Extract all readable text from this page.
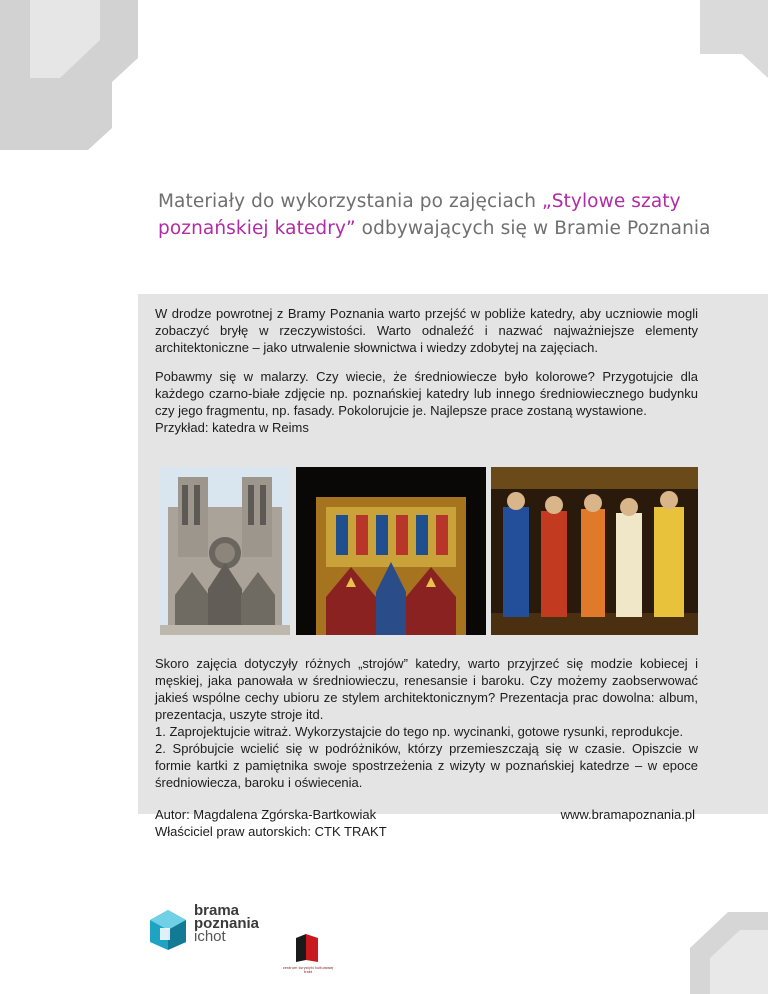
Materiały do wykorzystania po zajęciach „Stylowe szaty poznańskiej katedry” odbywających się w Bramie Poznania

W drodze powrotnej z Bramy Poznania warto przejść w pobliże katedry, aby uczniowie mogli zobaczyć bryłę w rzeczywistości. Warto odnaleźć i nazwać najważniejsze elementy architektoniczne – jako utrwalenie słownictwa i wiedzy zdobytej na zajęciach.

Pobawmy się w malarzy. Czy wiecie, że średniowiecze było kolorowe? Przygotujcie dla każdego czarno-białe zdjęcie np. poznańskiej katedry lub innego średniowiecznego budynku czy jego fragmentu, np. fasady. Pokolorujcie je. Najlepsze prace zostaną wystawione.
Przykład: katedra w Reims

Skoro zajęcia dotyczyły różnych „strojów” katedry, warto przyjrzeć się modzie kobiecej i męskiej, jaka panowała w średniowieczu, renesansie i baroku. Czy możemy zaobserwować jakieś wspólne cechy ubioru ze stylem architektonicznym? Prezentacja prac dowolna: album, prezentacja, uszyte stroje itd.
1. Zaprojektujcie witraż. Wykorzystajcie do tego np. wycinanki, gotowe rysunki, reprodukcje.
2. Spróbujcie wcielić się w podróżników, którzy przemieszczają się w czasie. Opiszcie w formie kartki z pamiętnika swoje spostrzeżenia z wizyty w poznańskiej katedrze – w epoce średniowiecza, baroku i oświecenia.
Autor: Magdalena Zgórska-Bartkowiak
Właściciel praw autorskich: CTK TRAKT
www.bramapoznania.pl
brama
poznania
ichot
centrum turystyki kulturowej trakt
